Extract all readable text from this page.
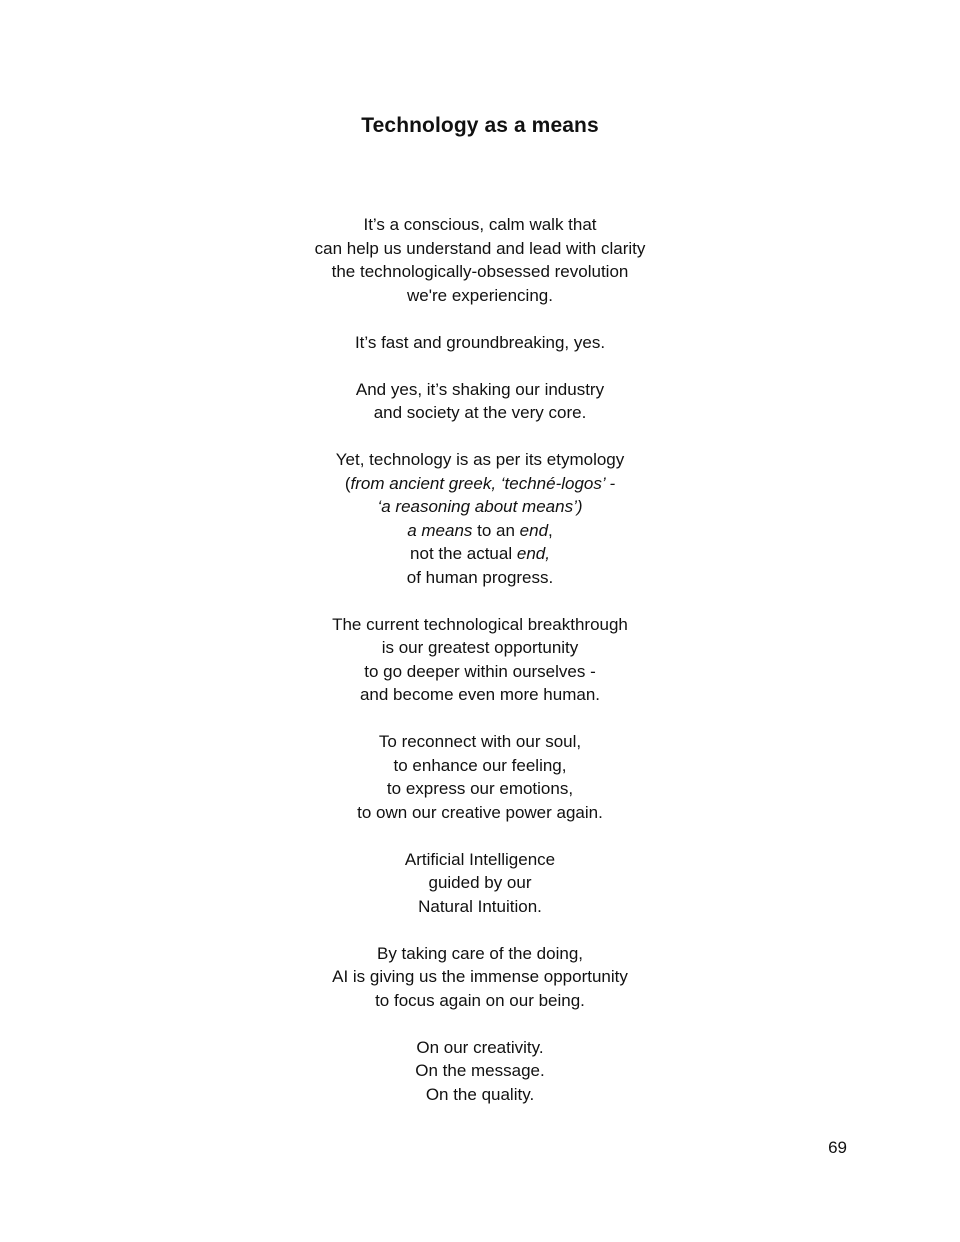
Technology as a means
It’s a conscious, calm walk that
can help us understand and lead with clarity
the technologically-obsessed revolution
we're experiencing.
It’s fast and groundbreaking, yes.
And yes, it’s shaking our industry
and society at the very core.
Yet, technology is as per its etymology
(from ancient greek, ‘techné-logos’ -
‘a reasoning about means’)
a means to an end,
not the actual end,
of human progress.
The current technological breakthrough
is our greatest opportunity
to go deeper within ourselves -
and become even more human.
To reconnect with our soul,
to enhance our feeling,
to express our emotions,
to own our creative power again.
Artificial Intelligence
guided by our
Natural Intuition.
By taking care of the doing,
AI is giving us the immense opportunity
to focus again on our being.
On our creativity.
On the message.
On the quality.
69
